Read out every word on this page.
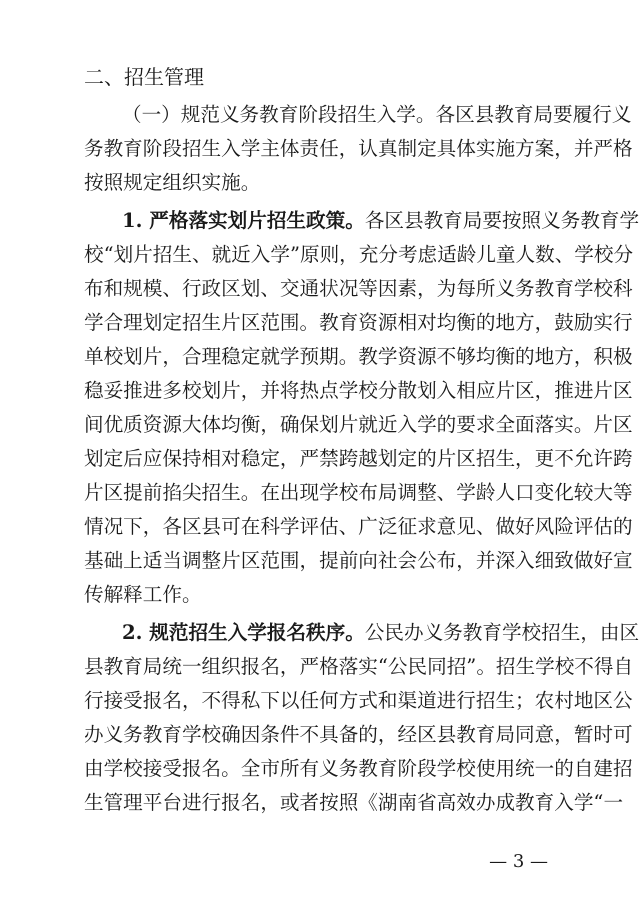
二、招生管理
（一）规范义务教育阶段招生入学。各区县教育局要履行义
务教育阶段招生入学主体责任，认真制定具体实施方案，并严格
按照规定组织实施。
1. 严格落实划片招生政策。各区县教育局要按照义务教育学
校“划片招生、就近入学”原则，充分考虑适龄儿童人数、学校分
布和规模、行政区划、交通状况等因素，为每所义务教育学校科
学合理划定招生片区范围。教育资源相对均衡的地方，鼓励实行
单校划片，合理稳定就学预期。教学资源不够均衡的地方，积极
稳妥推进多校划片，并将热点学校分散划入相应片区，推进片区
间优质资源大体均衡，确保划片就近入学的要求全面落实。片区
划定后应保持相对稳定，严禁跨越划定的片区招生，更不允许跨
片区提前掐尖招生。在出现学校布局调整、学龄人口变化较大等
情况下，各区县可在科学评估、广泛征求意见、做好风险评估的
基础上适当调整片区范围，提前向社会公布，并深入细致做好宣
传解释工作。
2. 规范招生入学报名秩序。公民办义务教育学校招生，由区
县教育局统一组织报名，严格落实“公民同招”。招生学校不得自
行接受报名，不得私下以任何方式和渠道进行招生；农村地区公
办义务教育学校确因条件不具备的，经区县教育局同意，暂时可
由学校接受报名。全市所有义务教育阶段学校使用统一的自建招
生管理平台进行报名，或者按照《湖南省高效办成教育入学“一
— 3 —
